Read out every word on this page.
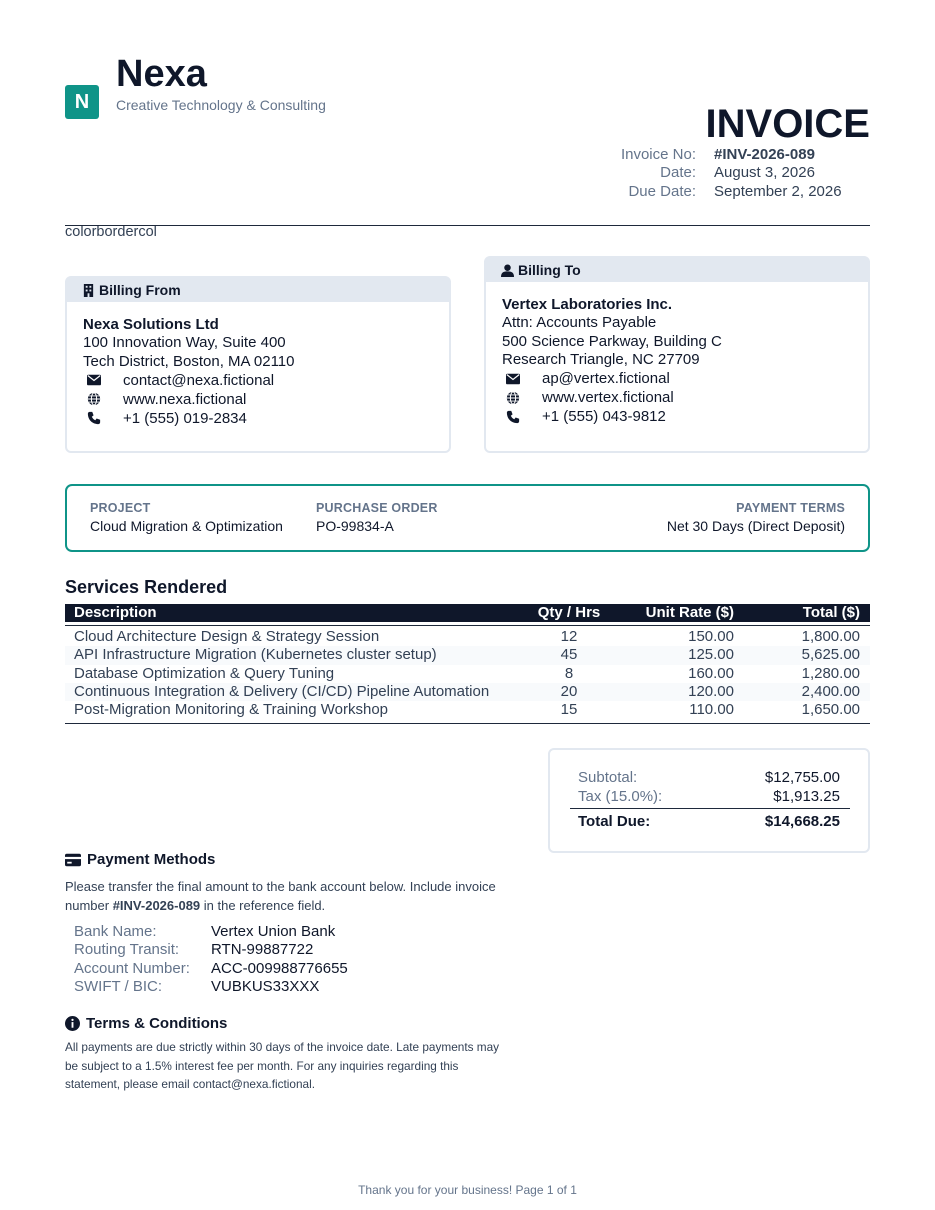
N
Nexa
Creative Technology & Consulting	INVOICE
Invoice No:	#INV-2026-089
Date:	August 3, 2026
Due Date:	September 2, 2026
colorbordercol
Billing From
Nexa Solutions Ltd
100 Innovation Way, Suite 400
Tech District, Boston, MA 02110
contact@nexa.fictional
www.nexa.fictional
+1 (555) 019-2834
Billing To
Vertex Laboratories Inc.
Attn: Accounts Payable
500 Science Parkway, Building C
Research Triangle, NC 27709
ap@vertex.fictional
www.vertex.fictional
+1 (555) 043-9812
PROJECT
Cloud Migration & Optimization
PURCHASE ORDER
PO-99834-A
PAYMENT TERMS
Net 30 Days (Direct Deposit)
Services Rendered
Description	Qty / Hrs	Unit Rate ($)	Total ($)
Cloud Architecture Design & Strategy Session	12	150.00	1,800.00
API Infrastructure Migration (Kubernetes cluster setup)	45	125.00	5,625.00
Database Optimization & Query Tuning	8	160.00	1,280.00
Continuous Integration & Delivery (CI/CD) Pipeline Automation	20	120.00	2,400.00
Post-Migration Monitoring & Training Workshop	15	110.00	1,650.00
Subtotal:	$12,755.00
Tax (15.0%):	$1,913.25
Total Due:	$14,668.25
Payment Methods
Please transfer the final amount to the bank account below. Include invoice number #INV-2026-089 in the reference field.
Bank Name:	Vertex Union Bank
Routing Transit:	RTN-99887722
Account Number:	ACC-009988776655
SWIFT / BIC:	VUBKUS33XXX
Terms & Conditions
All payments are due strictly within 30 days of the invoice date. Late payments may be subject to a 1.5% interest fee per month. For any inquiries regarding this statement, please email contact@nexa.fictional.
Thank you for your business! Page 1 of 1
